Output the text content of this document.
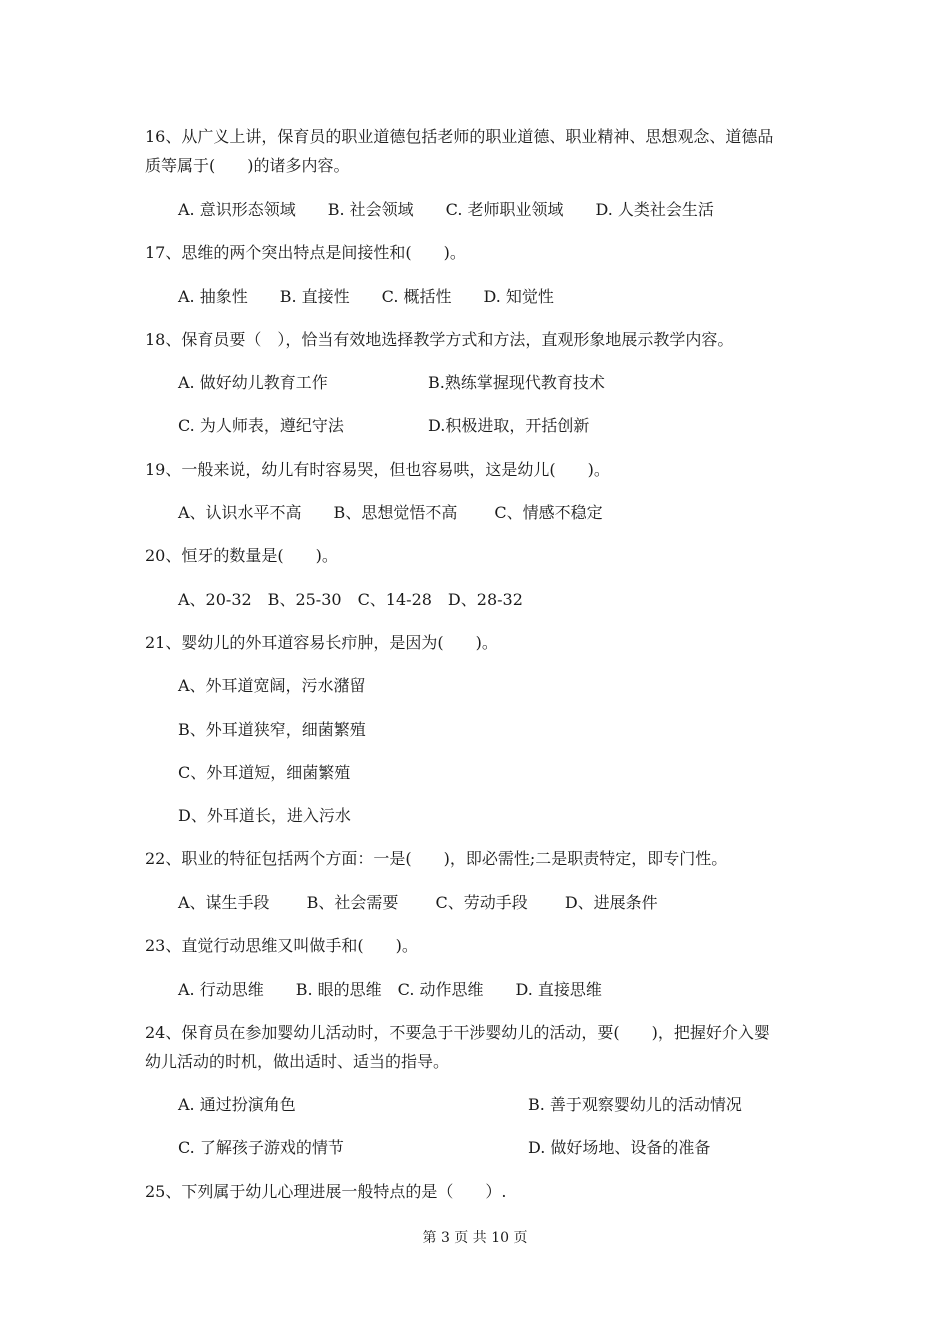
16、从广义上讲，保育员的职业道德包括老师的职业道德、职业精神、思想观念、道德品
质等属于(　　)的诸多内容。
A. 意识形态领域　　B. 社会领域　　C. 老师职业领域　　D. 人类社会生活
17、思维的两个突出特点是间接性和(　　)。
A. 抽象性　　B. 直接性　　C. 概括性　　D. 知觉性
18、保育员要（　），恰当有效地选择教学方式和方法，直观形象地展示教学内容。
A. 做好幼儿教育工作	B.熟练掌握现代教育技术
C. 为人师表，遵纪守法	D.积极进取，开括创新
19、一般来说，幼儿有时容易哭，但也容易哄，这是幼儿(　　)。
A、认识水平不高　　B、思想觉悟不高　　 C、情感不稳定
20、恒牙的数量是(　　)。
A、20-32　B、25-30　C、14-28　D、28-32
21、婴幼儿的外耳道容易长疖肿，是因为(　　)。
A、外耳道宽阔，污水潴留
B、外耳道狭窄，细菌繁殖
C、外耳道短，细菌繁殖
D、外耳道长，进入污水
22、职业的特征包括两个方面：一是(　　)，即必需性;二是职责特定，即专门性。
A、谋生手段　　 B、社会需要　　 C、劳动手段　　 D、进展条件
23、直觉行动思维又叫做手和(　　)。
A. 行动思维　　B. 眼的思维　C. 动作思维　　D. 直接思维
24、保育员在参加婴幼儿活动时，不要急于干涉婴幼儿的活动，要(　　)，把握好介入婴
幼儿活动的时机，做出适时、适当的指导。
A. 通过扮演角色	B. 善于观察婴幼儿的活动情况
C. 了解孩子游戏的情节	D. 做好场地、设备的准备
25、下列属于幼儿心理进展一般特点的是（　　）.
第 3 页 共 10 页
